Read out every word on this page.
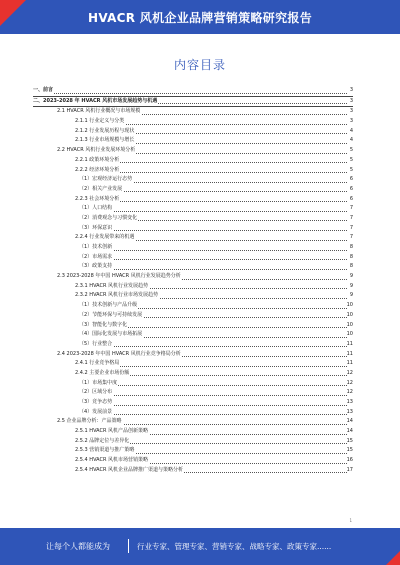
HVACR 风机企业品牌营销策略研究报告
内容目录
一、前言	3
二、2023-2028 年 HVACR 风机市场发展趋势与机遇	3
2.1 HVACR 风机行业概况与市场规模	3
2.1.1 行业定义与分类	3
2.1.2 行业发展历程与现状	4
2.1.3 行业市场规模与增长	4
2.2 HVACR 风机行业发展环境分析	5
2.2.1 政策环境分析	5
2.2.2 经济环境分析	5
（1）宏观经济运行态势	6
（2）相关产业发展	6
2.2.3 社会环境分析	6
（1）人口结构	7
（2）消费观念与习惯变化	7
（3）环保意识	7
2.2.4 行业发展带来的机遇	7
（1）技术创新	8
（2）市场需求	8
（3）政策支持	8
2.3 2023-2028 年中国 HVACR 风机行业发展趋势分析	9
2.3.1 HVACR 风机行业发展趋势	9
2.3.2 HVACR 风机行业市场发展趋势	9
（1）技术创新与产品升级	10
（2）节能环保与可持续发展	10
（3）智能化与数字化	10
（4）国际化发展与市场拓展	10
（5）行业整合	11
2.4 2023-2028 年中国 HVACR 风机行业竞争格局分析	11
2.4.1 行业竞争格局	11
2.4.2 主要企业市场份额	12
（1）市场集中度	12
（2）区域分布	12
（3）竞争态势	13
（4）发展前景	13
2.5 企业品牌分析：产品策略	14
2.5.1 HVACR 风机产品创新策略	14
2.5.2 品牌定位与差异化	15
2.5.3 营销渠道与推广策略	15
2.5.4 HVACR 风机市场营销策略	16
2.5.4 HVACR 风机企业品牌推广渠道与策略分析	17
1
让每个人都能成为	行业专家、管理专家、营销专家、战略专家、政策专家......
